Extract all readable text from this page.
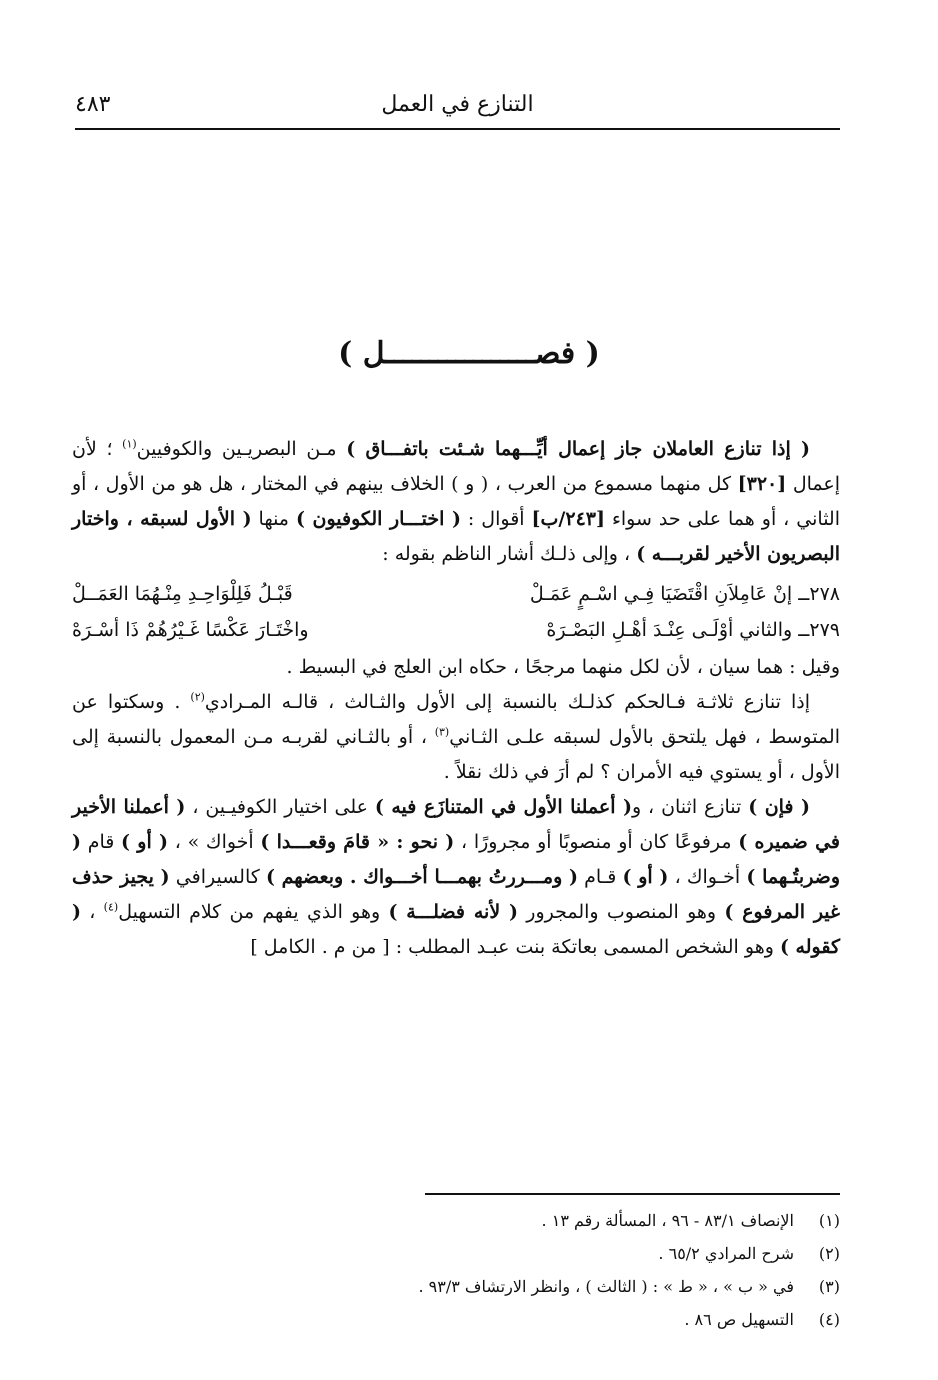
التنازع في العمل
٤٨٣
( فصـــــــــــــــــل )

( إذا تنازع العاملان جاز إعمال أيِّـــهما شـئت باتفـــاق ) مـن البصريـين والكوفيين$^{(١)}$ ؛ لأن إعمال [٣٢٠] كل منهما مسموع من العرب ، ( و ) الخلاف بينهم في المختار ، هل هو من الأول ، أو الثاني ، أو هما على حد سواء [٢٤٣/ب] أقوال : ( اختـــار الكوفيون ) منها ( الأول لسبقه ، واختار البصريون الأخير لقربـــه ) ، وإلى ذلـك أشار الناظم بقوله :

٢٧٨ــ إنْ عَامِلاَنِ اقْتَضَيَا فِـي اسْـمٍ عَمَـلْ
قَبْـلُ فَلِلْوَاحِـدِ مِنْـهُمَا العَمَــلْ
٢٧٩ــ والثاني أوْلَـى عِنْـدَ أهْـلِ البَصْـرَهْ
واخْتَـارَ عَكْسًا غَـيْرُهُمْ ذَا أسْـرَهْ

وقيل : هما سيان ، لأن لكل منهما مرجحًا ، حكاه ابن العلج في البسيط .

إذا تنازع ثلاثـة فـالحكم كذلـك بالنسبة إلى الأول والثـالث ، قالـه المـرادي$^{(٢)}$ . وسكتوا عن المتوسط ، فهل يلتحق بالأول لسبقه علـى الثـاني$^{(٣)}$ ، أو بالثـاني لقربـه مـن المعمول بالنسبة إلى الأول ، أو يستوي فيه الأمران ؟ لم أرَ في ذلك نقلاً .

( فإن ) تنازع اثنان ، و( أعملنا الأول في المتنازَع فيه ) على اختيار الكوفيـين ، ( أعملنا الأخير في ضميره ) مرفوعًا كان أو منصوبًا أو مجرورًا ، ( نحو : « قامَ وقعـــدا ) أخواك » ، ( أو ) قام ( وضربتُـهما ) أخـواك ، ( أو ) قـام ( ومـــررتُ بهمـــا أخـــواك . وبعضهم ) كالسيرافي ( يجيز حذف غير المرفوع ) وهو المنصوب والمجرور ( لأنه فضلـــة ) وهو الذي يفهم من كلام التسهيل$^{(٤)}$ ، ( كقوله ) وهو الشخص المسمى بعاتكة بنت عبـد المطلب : [ من م . الكامل ]

(١)
الإنصاف ٨٣/١ - ٩٦ ، المسألة رقم ١٣ .
(٢)
شرح المرادي ٦٥/٢ .
(٣)
في « ب » ، « ط » : ( الثالث ) ، وانظر الارتشاف ٩٣/٣ .
(٤)
التسهيل ص ٨٦ .
